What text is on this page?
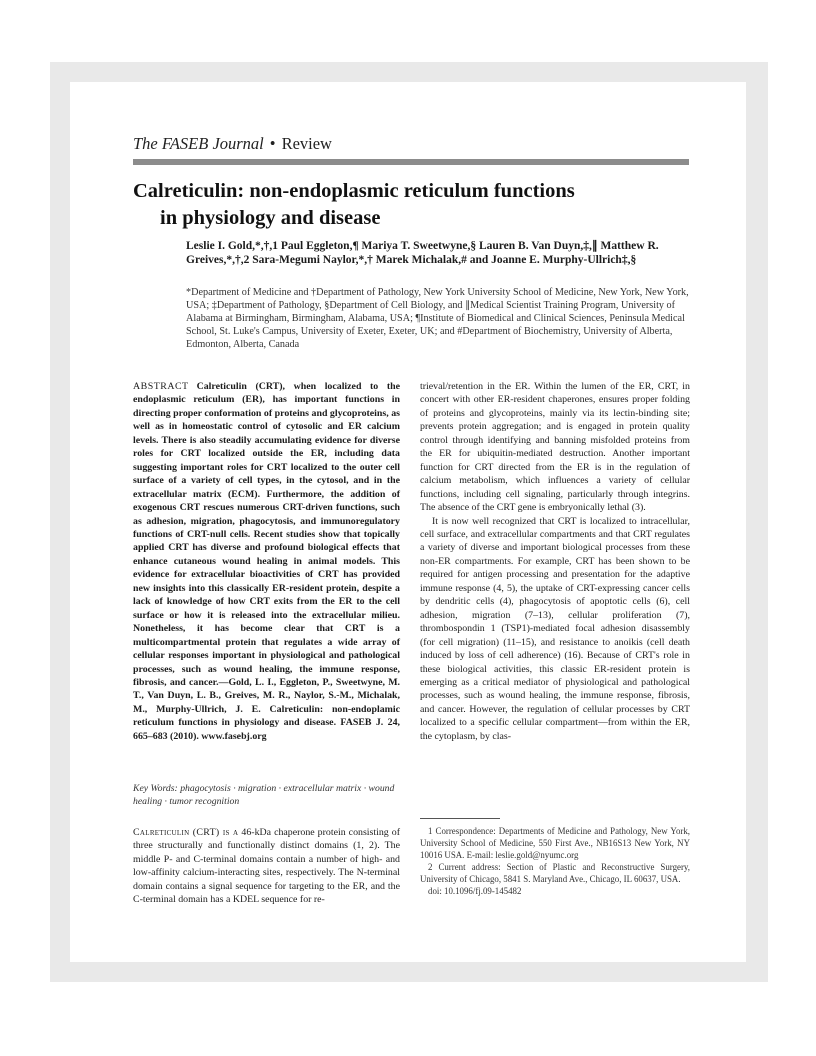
The FASEB Journal • Review
Calreticulin: non-endoplasmic reticulum functions
in physiology and disease
Leslie I. Gold,*,†,1 Paul Eggleton,¶ Mariya T. Sweetwyne,§ Lauren B. Van Duyn,‡,∥ Matthew R. Greives,*,†,2 Sara-Megumi Naylor,*,† Marek Michalak,# and Joanne E. Murphy-Ullrich‡,§
*Department of Medicine and †Department of Pathology, New York University School of Medicine, New York, New York, USA; ‡Department of Pathology, §Department of Cell Biology, and ∥Medical Scientist Training Program, University of Alabama at Birmingham, Birmingham, Alabama, USA; ¶Institute of Biomedical and Clinical Sciences, Peninsula Medical School, St. Luke's Campus, University of Exeter, Exeter, UK; and #Department of Biochemistry, University of Alberta, Edmonton, Alberta, Canada
ABSTRACT Calreticulin (CRT), when localized to the endoplasmic reticulum (ER), has important functions in directing proper conformation of proteins and glycoproteins, as well as in homeostatic control of cytosolic and ER calcium levels. There is also steadily accumulating evidence for diverse roles for CRT localized outside the ER, including data suggesting important roles for CRT localized to the outer cell surface of a variety of cell types, in the cytosol, and in the extracellular matrix (ECM). Furthermore, the addition of exogenous CRT rescues numerous CRT-driven functions, such as adhesion, migration, phagocytosis, and immunoregulatory functions of CRT-null cells. Recent studies show that topically applied CRT has diverse and profound biological effects that enhance cutaneous wound healing in animal models. This evidence for extracellular bioactivities of CRT has provided new insights into this classically ER-resident protein, despite a lack of knowledge of how CRT exits from the ER to the cell surface or how it is released into the extracellular milieu. Nonetheless, it has become clear that CRT is a multicompartmental protein that regulates a wide array of cellular responses important in physiological and pathological processes, such as wound healing, the immune response, fibrosis, and cancer.—Gold, L. I., Eggleton, P., Sweetwyne, M. T., Van Duyn, L. B., Greives, M. R., Naylor, S.-M., Michalak, M., Murphy-Ullrich, J. E. Calreticulin: non-endoplamic reticulum functions in physiology and disease. FASEB J. 24, 665–683 (2010). www.fasebj.org
Key Words: phagocytosis · migration · extracellular matrix · wound healing · tumor recognition
Calreticulin (CRT) is a 46-kDa chaperone protein consisting of three structurally and functionally distinct domains (1, 2). The middle P- and C-terminal domains contain a number of high- and low-affinity calcium-interacting sites, respectively. The N-terminal domain contains a signal sequence for targeting to the ER, and the C-terminal domain has a KDEL sequence for re-

trieval/retention in the ER. Within the lumen of the ER, CRT, in concert with other ER-resident chaperones, ensures proper folding of proteins and glycoproteins, mainly via its lectin-binding site; prevents protein aggregation; and is engaged in protein quality control through identifying and banning misfolded proteins from the ER for ubiquitin-mediated destruction. Another important function for CRT directed from the ER is in the regulation of calcium metabolism, which influences a variety of cellular functions, including cell signaling, particularly through integrins. The absence of the CRT gene is embryonically lethal (3).

It is now well recognized that CRT is localized to intracellular, cell surface, and extracellular compartments and that CRT regulates a variety of diverse and important biological processes from these non-ER compartments. For example, CRT has been shown to be required for antigen processing and presentation for the adaptive immune response (4, 5), the uptake of CRT-expressing cancer cells by dendritic cells (4), phagocytosis of apoptotic cells (6), cell adhesion, migration (7–13), cellular proliferation (7), thrombospondin 1 (TSP1)-mediated focal adhesion disassembly (for cell migration) (11–15), and resistance to anoikis (cell death induced by loss of cell adherence) (16). Because of CRT's role in these biological activities, this classic ER-resident protein is emerging as a critical mediator of physiological and pathological processes, such as wound healing, the immune response, fibrosis, and cancer. However, the regulation of cellular processes by CRT localized to a specific cellular compartment—from within the ER, the cytoplasm, by clas-

1 Correspondence: Departments of Medicine and Pathology, New York, University School of Medicine, 550 First Ave., NB16S13 New York, NY 10016 USA. E-mail: leslie.gold@nyumc.org
2 Current address: Section of Plastic and Reconstructive Surgery, University of Chicago, 5841 S. Maryland Ave., Chicago, IL 60637, USA.
doi: 10.1096/fj.09-145482
